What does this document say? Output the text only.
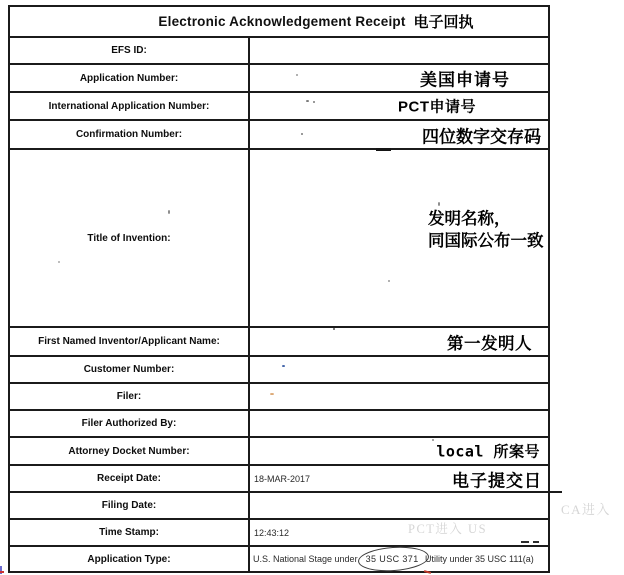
Electronic Acknowledgement Receipt 电子回执
EFS ID:
Application Number:	美国申请号
International Application Number:	PCT申请号
Confirmation Number:	四位数字交存码
Title of Invention:
发明名称，
同国际公布一致
First Named Inventor/Applicant Name:	第一发明人
Customer Number:
Filer:
Filer Authorized By:
Attorney Docket Number:	local 所案号
Receipt Date:	18-MAR-2017	电子提交日
Filing Date:
Time Stamp:	12:43:12
Application Type:	U.S. National Stage under 35 USC 371 Utility under 35 USC 111(a)
PCT进入 US
CA进入
